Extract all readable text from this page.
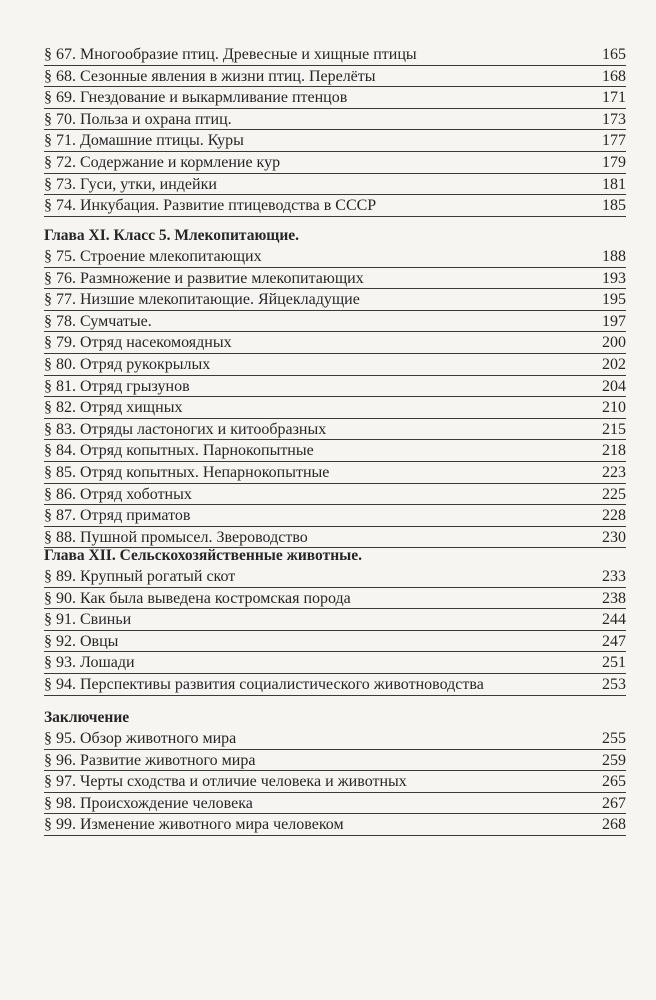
§ 67. Многообразие птиц. Древесные и хищные птицы	165
§ 68. Сезонные явления в жизни птиц. Перелёты	168
§ 69. Гнездование и выкармливание птенцов	171
§ 70. Польза и охрана птиц.	173
§ 71. Домашние птицы. Куры	177
§ 72. Содержание и кормление кур	179
§ 73. Гуси, утки, индейки	181
§ 74. Инкубация. Развитие птицеводства в СССР	185
Глава XI. Класс 5. Млекопитающие.
§ 75. Строение млекопитающих	188
§ 76. Размножение и развитие млекопитающих	193
§ 77. Низшие млекопитающие. Яйцекладущие	195
§ 78. Сумчатые.	197
§ 79. Отряд насекомоядных	200
§ 80. Отряд рукокрылых	202
§ 81. Отряд грызунов	204
§ 82. Отряд хищных	210
§ 83. Отряды ластоногих и китообразных	215
§ 84. Отряд копытных. Парнокопытные	218
§ 85. Отряд копытных. Непарнокопытные	223
§ 86. Отряд хоботных	225
§ 87. Отряд приматов	228
§ 88. Пушной промысел. Звероводство	230
Глава XII. Сельскохозяйственные животные.
§ 89. Крупный рогатый скот	233
§ 90. Как была выведена костромская порода	238
§ 91. Свиньи	244
§ 92. Овцы	247
§ 93. Лошади	251
§ 94. Перспективы развития социалистического животноводства	253
Заключение
§ 95. Обзор животного мира	255
§ 96. Развитие животного мира	259
§ 97. Черты сходства и отличие человека и животных	265
§ 98. Происхождение человека	267
§ 99. Изменение животного мира человеком	268
